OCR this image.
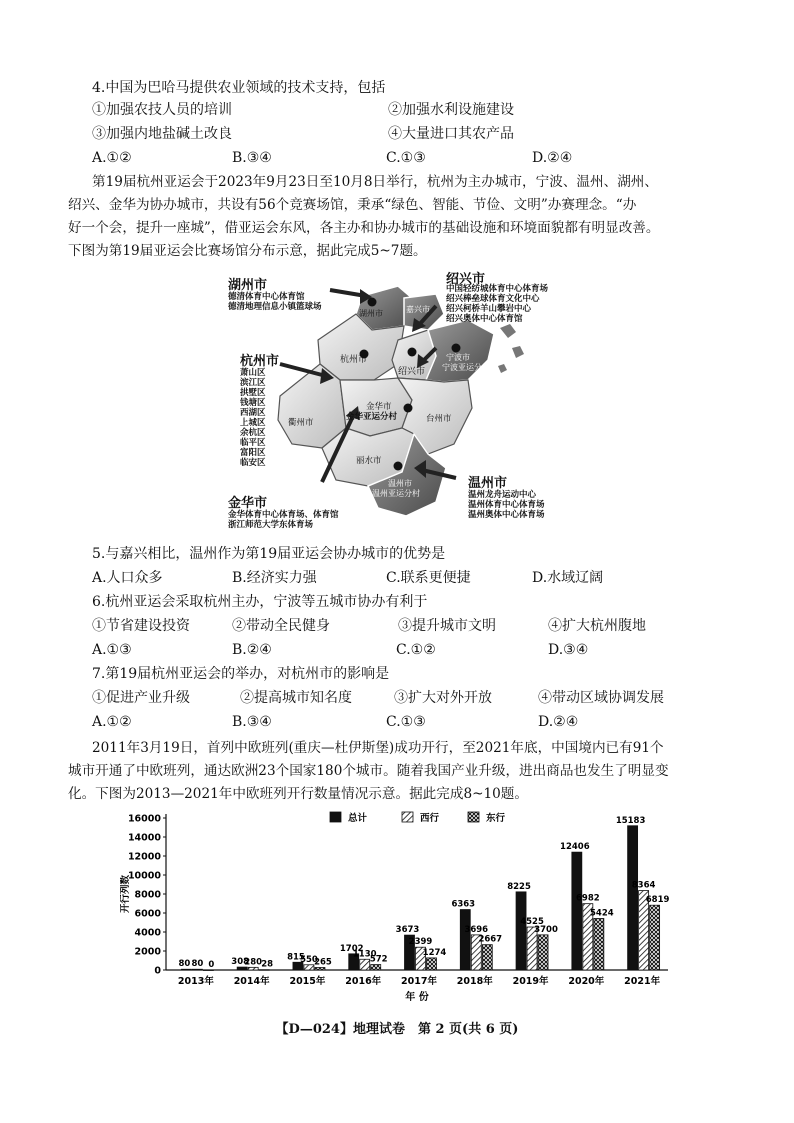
4.中国为巴哈马提供农业领域的技术支持，包括
①加强农技人员的培训	②加强水利设施建设
③加强内地盐碱土改良	④大量进口其农产品
A.①②	B.③④	C.①③	D.②④
第19届杭州亚运会于2023年9月23日至10月8日举行，杭州为主办城市，宁波、温州、湖州、
绍兴、金华为协办城市，共设有56个竞赛场馆，秉承“绿色、智能、节俭、文明”办赛理念。“办
好一个会，提升一座城”，借亚运会东风，各主办和协办城市的基础设施和环境面貌都有明显改善。
下图为第19届亚运会比赛场馆分布示意，据此完成5~7题。
湖州市	嘉兴市
杭州市
绍兴市
宁波市
宁波亚运分村
衢州市
金华市
金华亚运分村	台州市
丽水市
温州市
温州亚运分村
湖州市
德清体育中心体育馆
德清地理信息小镇篮球场
绍兴市
中国轻纺城体育中心体育场
绍兴棒垒球体育文化中心
绍兴柯桥羊山攀岩中心
绍兴奥体中心体育馆
杭州市
萧山区
滨江区
拱墅区
钱塘区
西湖区
上城区
余杭区
临平区
富阳区
临安区
金华市
金华体育中心体育场、体育馆
浙江师范大学东体育场
温州市
温州龙舟运动中心
温州体育中心体育场
温州奥体中心体育场
5.与嘉兴相比，温州作为第19届亚运会协办城市的优势是
A.人口众多	B.经济实力强	C.联系更便捷	D.水域辽阔
6.杭州亚运会采取杭州主办，宁波等五城市协办有利于
①节省建设投资	②带动全民健身	③提升城市文明	④扩大杭州腹地
A.①③	B.②④	C.①②	D.③④
7.第19届杭州亚运会的举办，对杭州市的影响是
①促进产业升级	②提高城市知名度	③扩大对外开放	④带动区域协调发展
A.①②	B.③④	C.①③	D.②④
2011年3月19日，首列中欧班列(重庆—杜伊斯堡)成功开行，至2021年底，中国境内已有91个
城市开通了中欧班列，通达欧洲23个国家180个城市。随着我国产业升级，进出商品也发生了明显变
化。下图为2013—2021年中欧班列开行数量情况示意。据此完成8~10题。
0
2000
4000
6000
8000
10000
12000
14000
16000
开行列数
年 份
2013年 2014年 2015年 2016年 2017年 2018年 2019年 2020年 2021年
80 80 0 308
280 28
815
550
265
1702
1130
572
3673
2399
1274
6363
3696
2667
8225
4525
3700
12406
6982
5424
15183
8364
6819
总计	西行	东行
【D—024】地理试卷　第 2 页(共 6 页)
